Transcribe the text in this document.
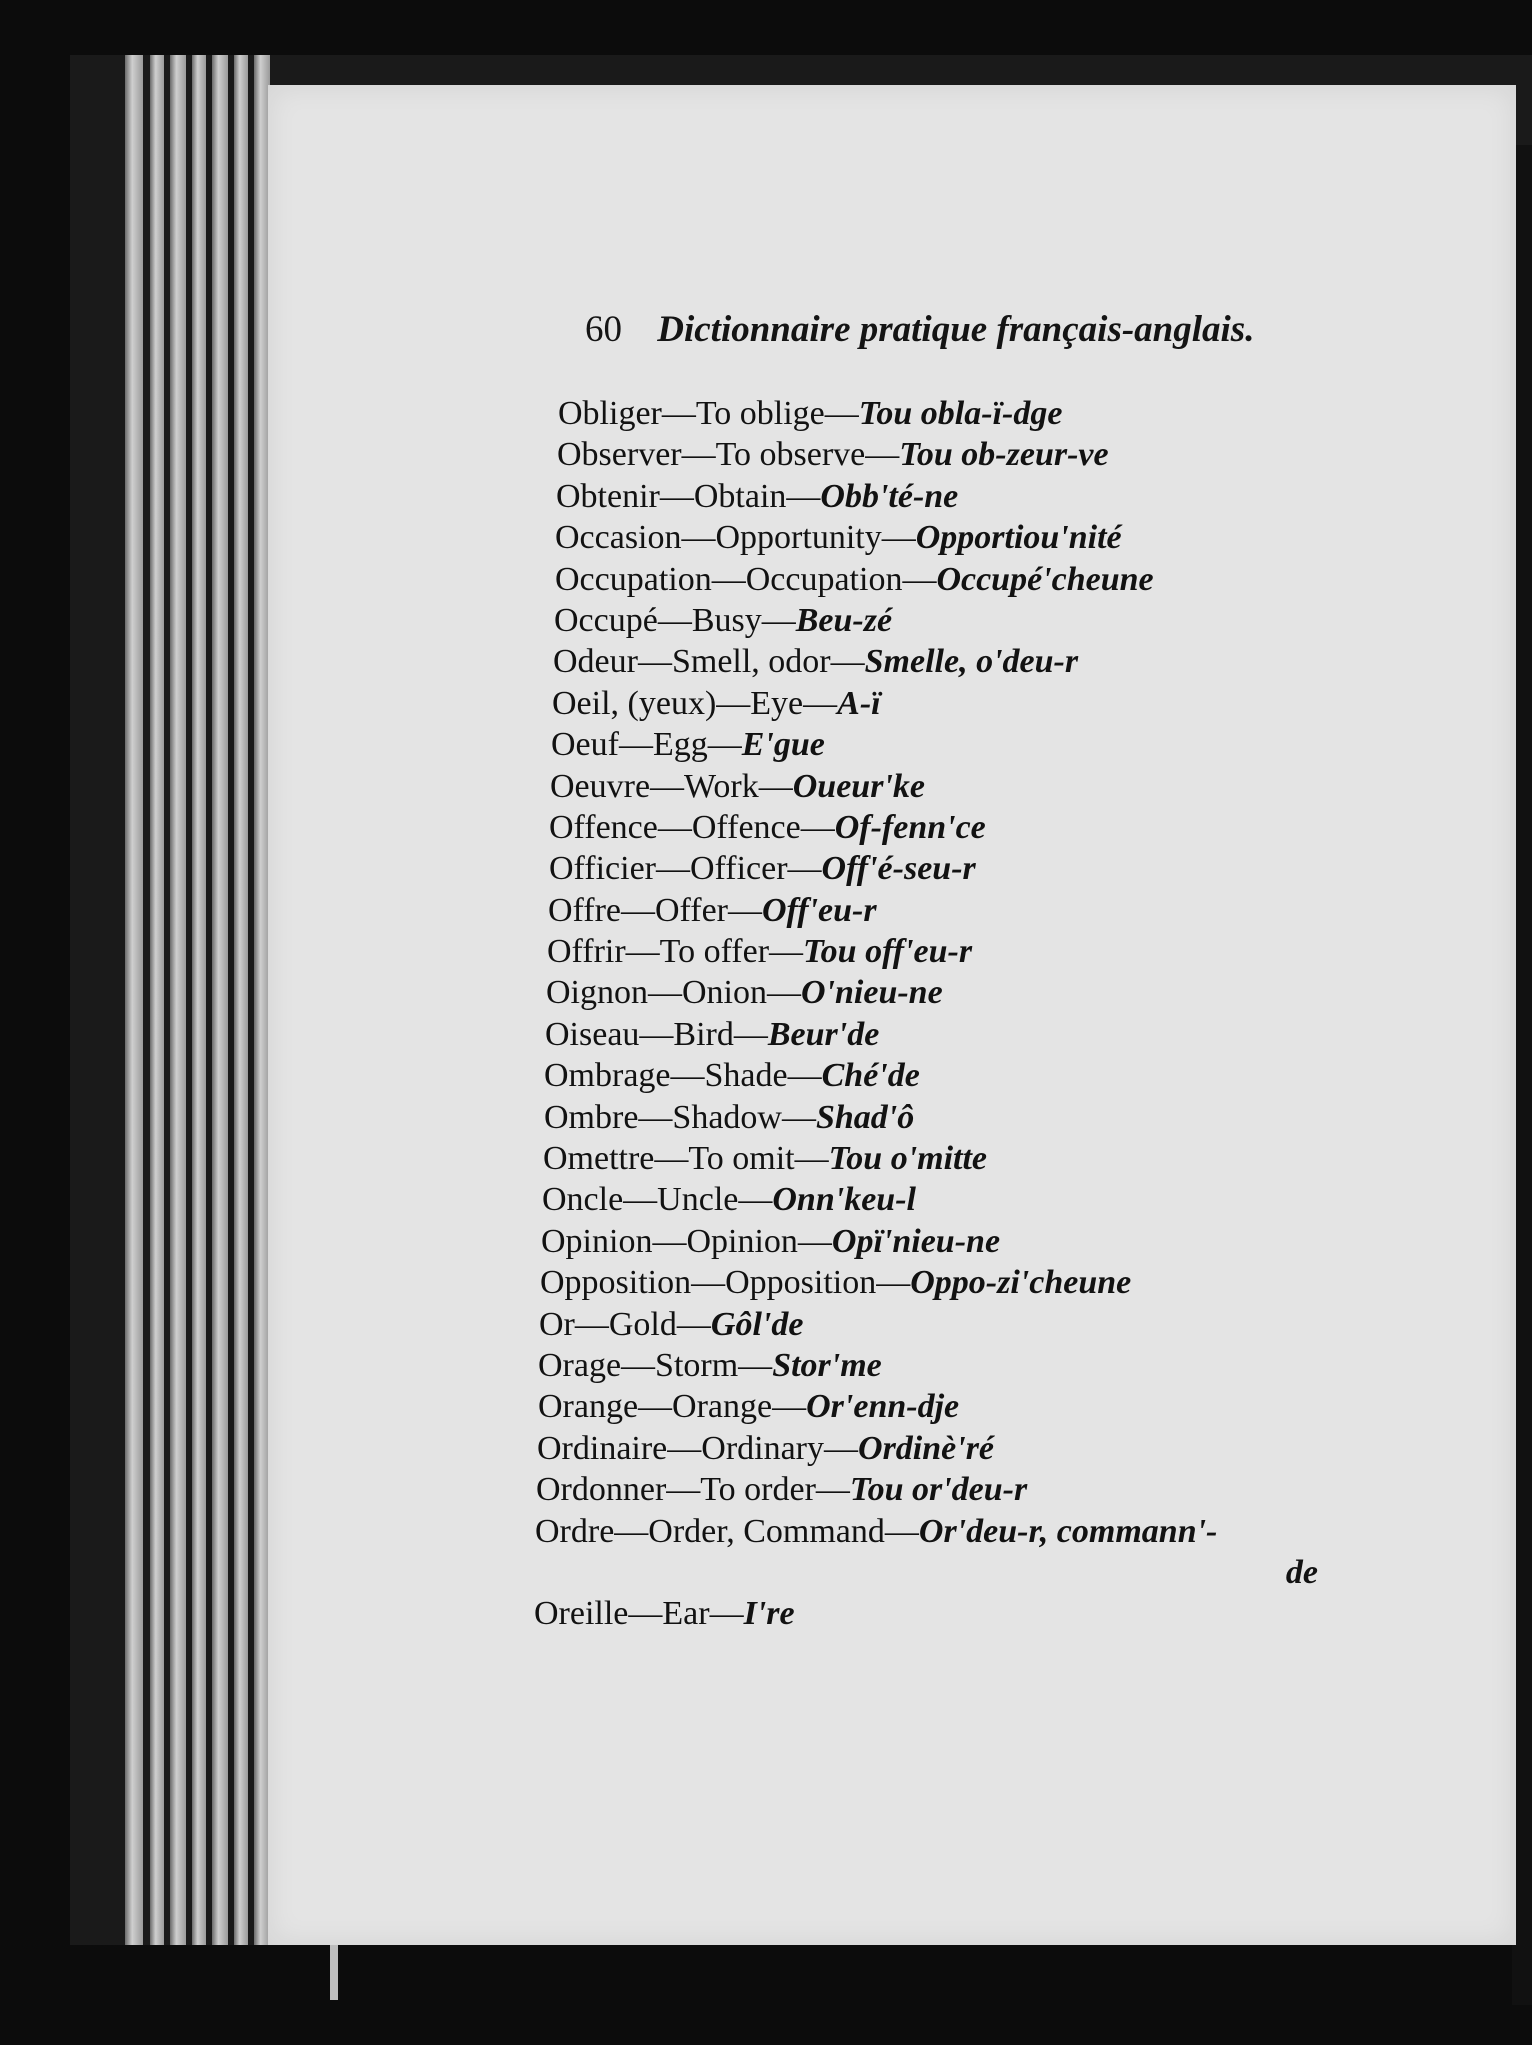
60 Dictionnaire pratique français-anglais.
Obliger—To oblige—Tou obla-ï-dge
Observer—To observe—Tou ob-zeur-ve
Obtenir—Obtain—Obb'té-ne
Occasion—Opportunity—Opportiou'nité
Occupation—Occupation—Occupé'cheune
Occupé—Busy—Beu-zé
Odeur—Smell, odor—Smelle, o'deu-r
Oeil, (yeux)—Eye—A-ï
Oeuf—Egg—E'gue
Oeuvre—Work—Oueur'ke
Offence—Offence—Of-fenn'ce
Officier—Officer—Off'é-seu-r
Offre—Offer—Off'eu-r
Offrir—To offer—Tou off'eu-r
Oignon—Onion—O'nieu-ne
Oiseau—Bird—Beur'de
Ombrage—Shade—Ché'de
Ombre—Shadow—Shad'ô
Omettre—To omit—Tou o'mitte
Oncle—Uncle—Onn'keu-l
Opinion—Opinion—Opï'nieu-ne
Opposition—Opposition—Oppo-zi'cheune
Or—Gold—Gôl'de
Orage—Storm—Stor'me
Orange—Orange—Or'enn-dje
Ordinaire—Ordinary—Ordinè'ré
Ordonner—To order—Tou or'deu-r
Ordre—Order, Command—Or'deu-r, commann'-
de
Oreille—Ear—I're
